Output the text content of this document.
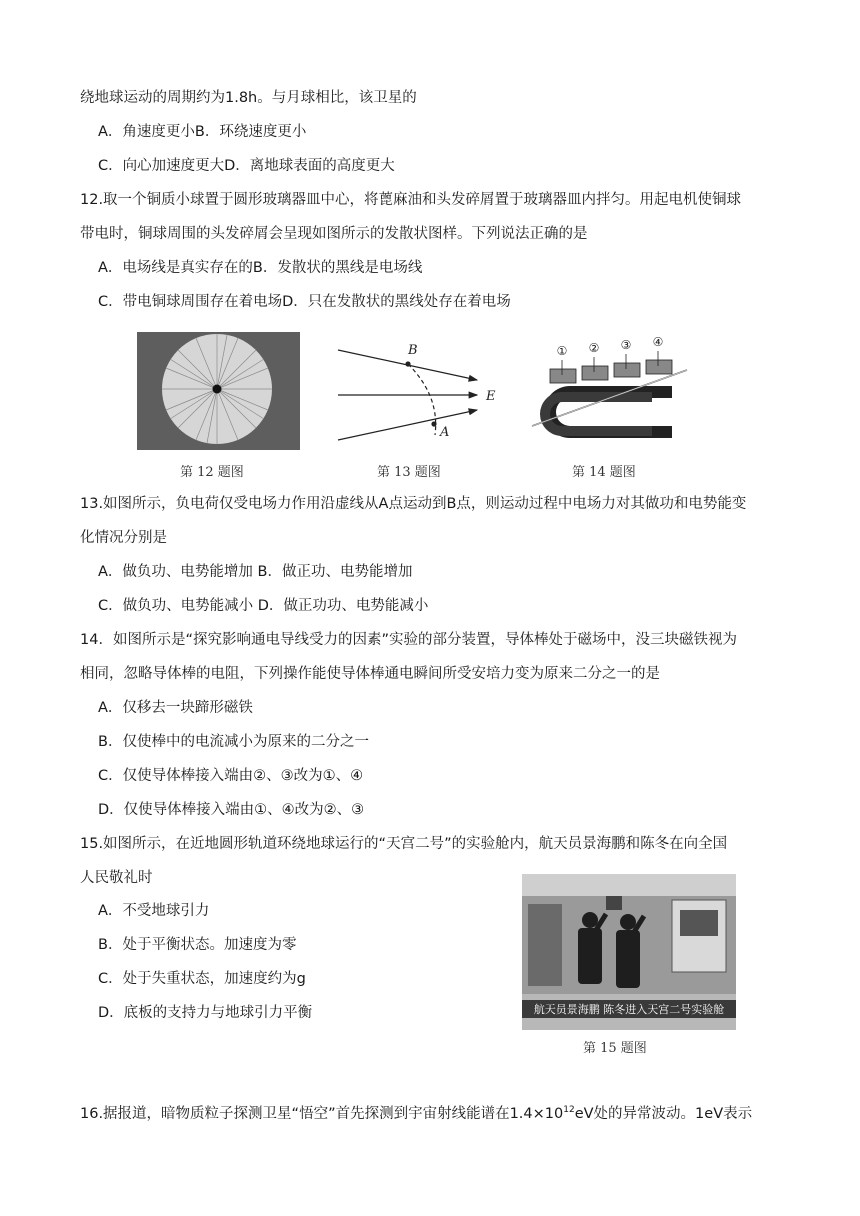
绕地球运动的周期约为1.8h。与月球相比，该卫星的
A．角速度更小B．环绕速度更小
C．向心加速度更大D．离地球表面的高度更大
12.取一个铜质小球置于圆形玻璃器皿中心，将蓖麻油和头发碎屑置于玻璃器皿内拌匀。用起电机使铜球
带电时，铜球周围的头发碎屑会呈现如图所示的发散状图样。下列说法正确的是
A．电场线是真实存在的B．发散状的黑线是电场线
C．带电铜球周围存在着电场D．只在发散状的黑线处存在着电场
第 12 题图
B
A
E
第 13 题图
① ② ③ ④
第 14 题图
13.如图所示，负电荷仅受电场力作用沿虚线从A点运动到B点，则运动过程中电场力对其做功和电势能变
化情况分别是
A．做负功、电势能增加 B．做正功、电势能增加
C．做负功、电势能减小 D．做正功功、电势能减小
14．如图所示是“探究影响通电导线受力的因素”实验的部分装置，导体棒处于磁场中，没三块磁铁视为
相同，忽略导体棒的电阻，下列操作能使导体棒通电瞬间所受安培力变为原来二分之一的是
A．仅移去一块蹄形磁铁
B．仅使棒中的电流减小为原来的二分之一
C．仅使导体棒接入端由②、③改为①、④
D．仅使导体棒接入端由①、④改为②、③
15.如图所示，在近地圆形轨道环绕地球运行的“天宫二号”的实验舱内，航天员景海鹏和陈冬在向全国
人民敬礼时
A．不受地球引力
B．处于平衡状态。加速度为零
C．处于失重状态，加速度约为g
D．底板的支持力与地球引力平衡	航天员景海鹏 陈冬进入天宫二号实验舱
第 15 题图
16.据报道，暗物质粒子探测卫星“悟空”首先探测到宇宙射线能谱在$1.4\times 10^{12}eV$处的异常波动。1eV表示
